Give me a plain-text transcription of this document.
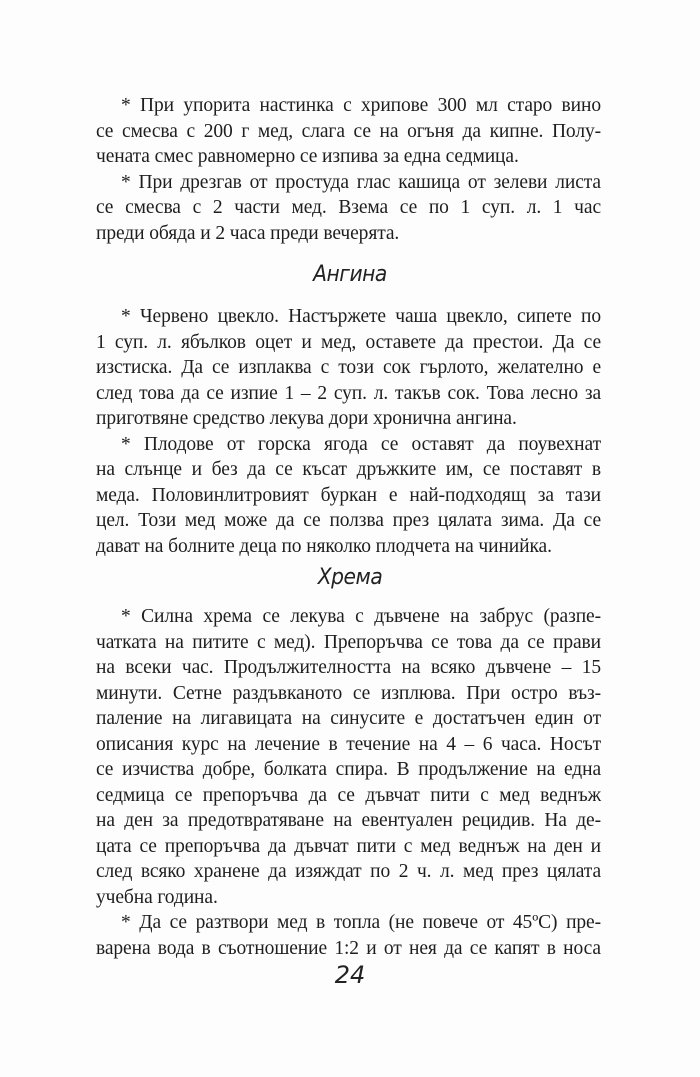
* При упорита настинка с хрипове 300 мл старо вино
се смесва с 200 г мед, слага се на огъня да кипне. Полу-
чената смес равномерно се изпива за една седмица.
* При дрезгав от простуда глас кашица от зелеви листа
се смесва с 2 части мед. Взема се по 1 суп. л. 1 час
преди обяда и 2 часа преди вечерята.
Ангина
* Червено цвекло. Настържете чаша цвекло, сипете по
1 суп. л. ябълков оцет и мед, оставете да престои. Да се
изстиска. Да се изплаква с този сок гърлото, желателно е
след това да се изпие 1 – 2 суп. л. такъв сок. Това лесно за
приготвяне средство лекува дори хронична ангина.
* Плодове от горска ягода се оставят да поувехнат
на слънце и без да се късат дръжките им, се поставят в
меда. Половинлитровият буркан е най-подходящ за тази
цел. Този мед може да се ползва през цялата зима. Да се
дават на болните деца по няколко плодчета на чинийка.
Хрема
* Силна хрема се лекува с дъвчене на забрус (разпе-
чатката на питите с мед). Препоръчва се това да се прави
на всеки час. Продължителността на всяко дъвчене – 15
минути. Сетне раздъвканото се изплюва. При остро въз-
паление на лигавицата на синусите е достатъчен един от
описания курс на лечение в течение на 4 – 6 часа. Носът
се изчиства добре, болката спира. В продължение на една
седмица се препоръчва да се дъвчат пити с мед веднъж
на ден за предотвратяване на евентуален рецидив. На де-
цата се препоръчва да дъвчат пити с мед веднъж на ден и
след всяко хранене да изяждат по 2 ч. л. мед през цялата
учебна година.
* Да се разтвори мед в топла (не повече от 45ºС) пре-
варена вода в съотношение 1:2 и от нея да се капят в носа
24
